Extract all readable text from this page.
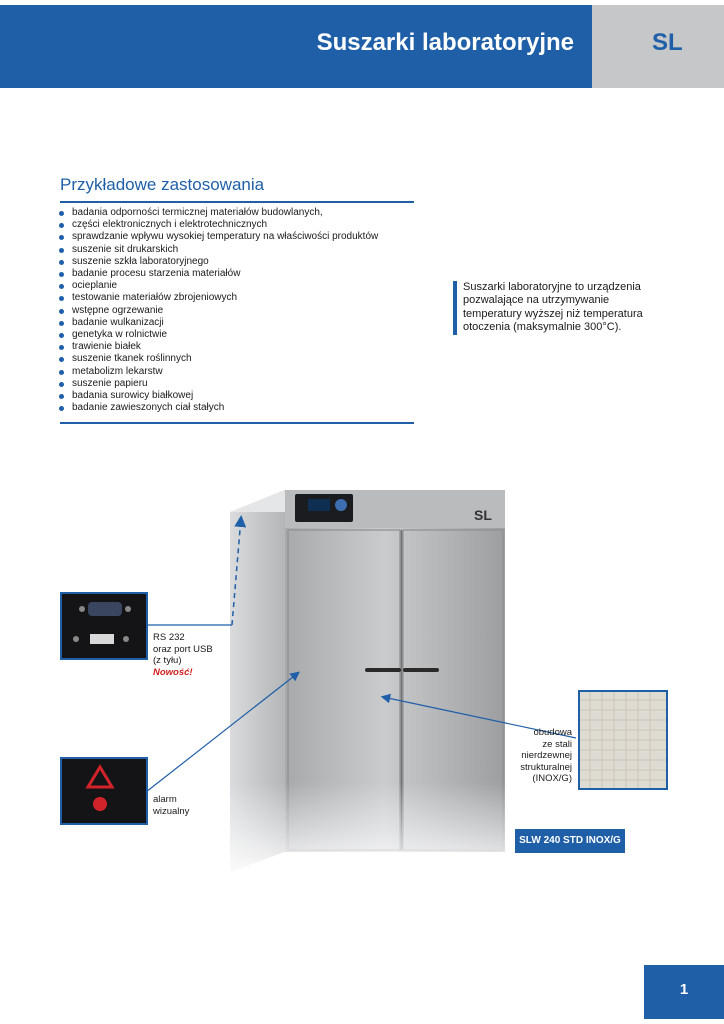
Suszarki laboratoryjne	SL
Przykładowe zastosowania
badania odporności termicznej materiałów budowlanych,
części elektronicznych i elektrotechnicznych
sprawdzanie wpływu wysokiej temperatury na właściwości produktów
suszenie sit drukarskich
suszenie szkła laboratoryjnego
badanie procesu starzenia materiałów
ocieplanie
testowanie materiałów zbrojeniowych
wstępne ogrzewanie
badanie wulkanizacji
genetyka w rolnictwie
trawienie białek
suszenie tkanek roślinnych
metabolizm lekarstw
suszenie papieru
badania surowicy białkowej
badanie zawieszonych ciał stałych
Suszarki laboratoryjne to urządzenia pozwalające na utrzymywanie temperatury wyższej niż temperatura otoczenia (maksymalnie 300°C).
SL
RS 232
oraz port USB
(z tyłu)
Nowość!
alarm
wizualny
obudowa
ze stali
nierdzewnej
strukturalnej
(INOX/G)
SLW 240 STD INOX/G
1
